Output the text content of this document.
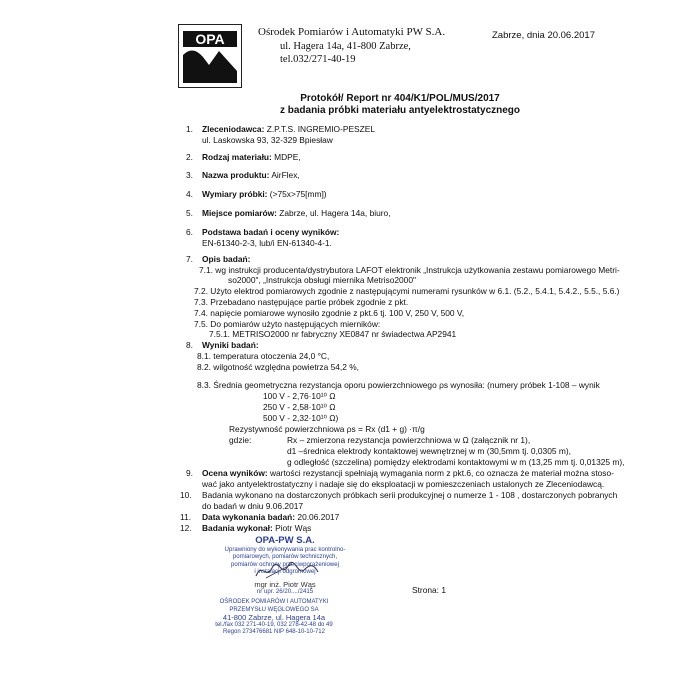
OPA	Ośrodek Pomiarów i Automatyki PW S.A.
ul. Hagera 14a, 41-800 Zabrze,
tel.032/271-40-19
Zabrze, dnia 20.06.2017
Protokół/ Report nr 404/K1/POL/MUS/2017
z badania próbki materiału antyelektrostatycznego
1. Zleceniodawca: Z.P.T.S. INGREMIO-PESZEL
ul. Laskowska 93, 32-329 Bpiesław
2. Rodzaj materiału: MDPE,
3. Nazwa produktu: AirFlex,
4. Wymiary próbki: (>75x>75[mm])
5. Miejsce pomiarów: Zabrze, ul. Hagera 14a, biuro,
6. Podstawa badań i oceny wyników:
EN-61340-2-3, lub/i EN-61340-4-1.
7. Opis badań:
7.1. wg instrukcji producenta/dystrybutora LAFOT elektronik „Instrukcja użytkowania zestawu pomiarowego Metri-
so2000", „Instrukcja obsługi miernika Metriso2000"
7.2. Użyto elektrod pomiarowych zgodnie z następującymi numerami rysunków w 6.1. (5.2., 5.4.1, 5.4.2., 5.5., 5.6.)
7.3. Przebadano następujące partie próbek zgodnie z pkt.
7.4. napięcie pomiarowe wynosiło zgodnie z pkt.6 tj. 100 V, 250 V, 500 V,
7.5. Do pomiarów użyto następujących mierników:
7.5.1. METRISO2000 nr fabryczny XE0847 nr świadectwa AP2941
8. Wyniki badań:
8.1. temperatura otoczenia 24,0 °C,
8.2. wilgotność względna powietrza 54,2 %,
8.3. Średnia geometryczna rezystancja oporu powierzchniowego ρs wynosiła: (numery próbek 1-108 – wynik
100 V - 2,76·10¹⁰ Ω
250 V - 2,58·10¹⁰ Ω
500 V - 2,32·10¹⁰ Ω)
Rezystywność powierzchniowa ρs = Rx (d1 + g) ·π/g
gdzie:	Rx – zmierzona rezystancja powierzchniowa w Ω (załącznik nr 1),
d1 –średnica elektrody kontaktowej wewnętrznej w m (30,5mm tj. 0,0305 m),
g odległość (szczelina) pomiędzy elektrodami kontaktowymi w m (13,25 mm tj. 0,01325 m),
9. Ocena wyników: wartości rezystancji spełniają wymagania norm z pkt.6, co oznacza że materiał można stoso-
wać jako antyelektrostatyczny i nadaje się do eksploatacji w pomieszczeniach ustalonych ze Zleceniodawcą.
10. Badania wykonano na dostarczonych próbkach serii produkcyjnej o numerze 1 - 108 , dostarczonych pobranych
do badań w dniu 9.06.2017
11. Data wykonania badań: 20.06.2017
12. Badania wykonał: Piotr Wąs
OPA-PW S.A.
Uprawniony do wykonywania prac kontrolno-
pomiarowych, pomiarów technicznych,
pomiarów ochrony przeciwporażeniowej
i instalacji odgromowej
mgr inż. Piotr Wąs
nr upr. 26/20..../2415
OŚRODEK POMIARÓW I AUTOMATYKI
PRZEMYSŁU WĘGLOWEGO SA
41-800 Zabrze, ul. Hagera 14a
tel./fax 032 271-40-19, 032 278-42-48 do 49
Regon 273476681 NIP 648-10-10-712
Strona: 1
